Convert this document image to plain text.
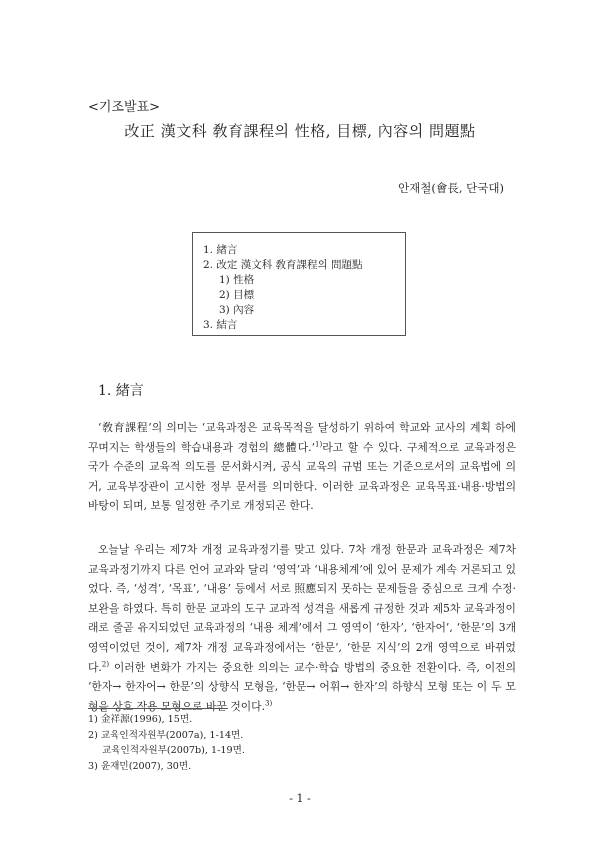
<기조발표>
改正 漢文科 敎育課程의 性格, 目標, 內容의 問題點
안재철(會長, 단국대)
1. 緖言
2. 改定 漢文科 敎育課程의 問題點
1) 性格
2) 目標
3) 內容
3. 結言
1. 緖言

‘敎育課程’의 의미는 ‘교육과정은 교육목적을 달성하기 위하여 학교와 교사의 계획 하에 꾸며지는 학생들의 학습내용과 경험의 總體다.’$^{1)}$라고 할 수 있다. 구체적으로 교육과정은 국가 수준의 교육적 의도를 문서화시켜, 공식 교육의 규범 또는 기준으로서의 교육법에 의거, 교육부장관이 고시한 정부 문서를 의미한다. 이러한 교육과정은 교육목표·내용·방법의 바탕이 되며, 보통 일정한 주기로 개정되곤 한다.

오늘날 우리는 제7차 개정 교육과정기를 맞고 있다. 7차 개정 한문과 교육과정은 제7차 교육과정기까지 다른 언어 교과와 달리 ‘영역’과 ‘내용체계’에 있어 문제가 계속 거론되고 있었다. 즉, ‘성격’, ‘목표’, ‘내용’ 등에서 서로 照應되지 못하는 문제들을 중심으로 크게 수정·보완을 하였다. 특히 한문 교과의 도구 교과적 성격을 새롭게 규정한 것과 제5차 교육과정이래로 줄곧 유지되었던 교육과정의 ‘내용 체계’에서 그 영역이 ‘한자’, ‘한자어’, ‘한문’의 3개 영역이었던 것이, 제7차 개정 교육과정에서는 ‘한문’, ‘한문 지식’의 2개 영역으로 바뀌었다.$^{2)}$ 이러한 변화가 가지는 중요한 의의는 교수·학습 방법의 중요한 전환이다. 즉, 이전의 ‘한자→ 한자어→ 한문’의 상향식 모형을, ‘한문→ 어휘→ 한자’의 하향식 모형 또는 이 두 모형을 상호 작용 모형으로 바꾼 것이다.$^{3)}$

1) 金祥源(1996), 15면.
2) 교육인적자원부(2007a), 1-14면.
교육인적자원부(2007b), 1-19면.
3) 윤재민(2007), 30면.
- 1 -
